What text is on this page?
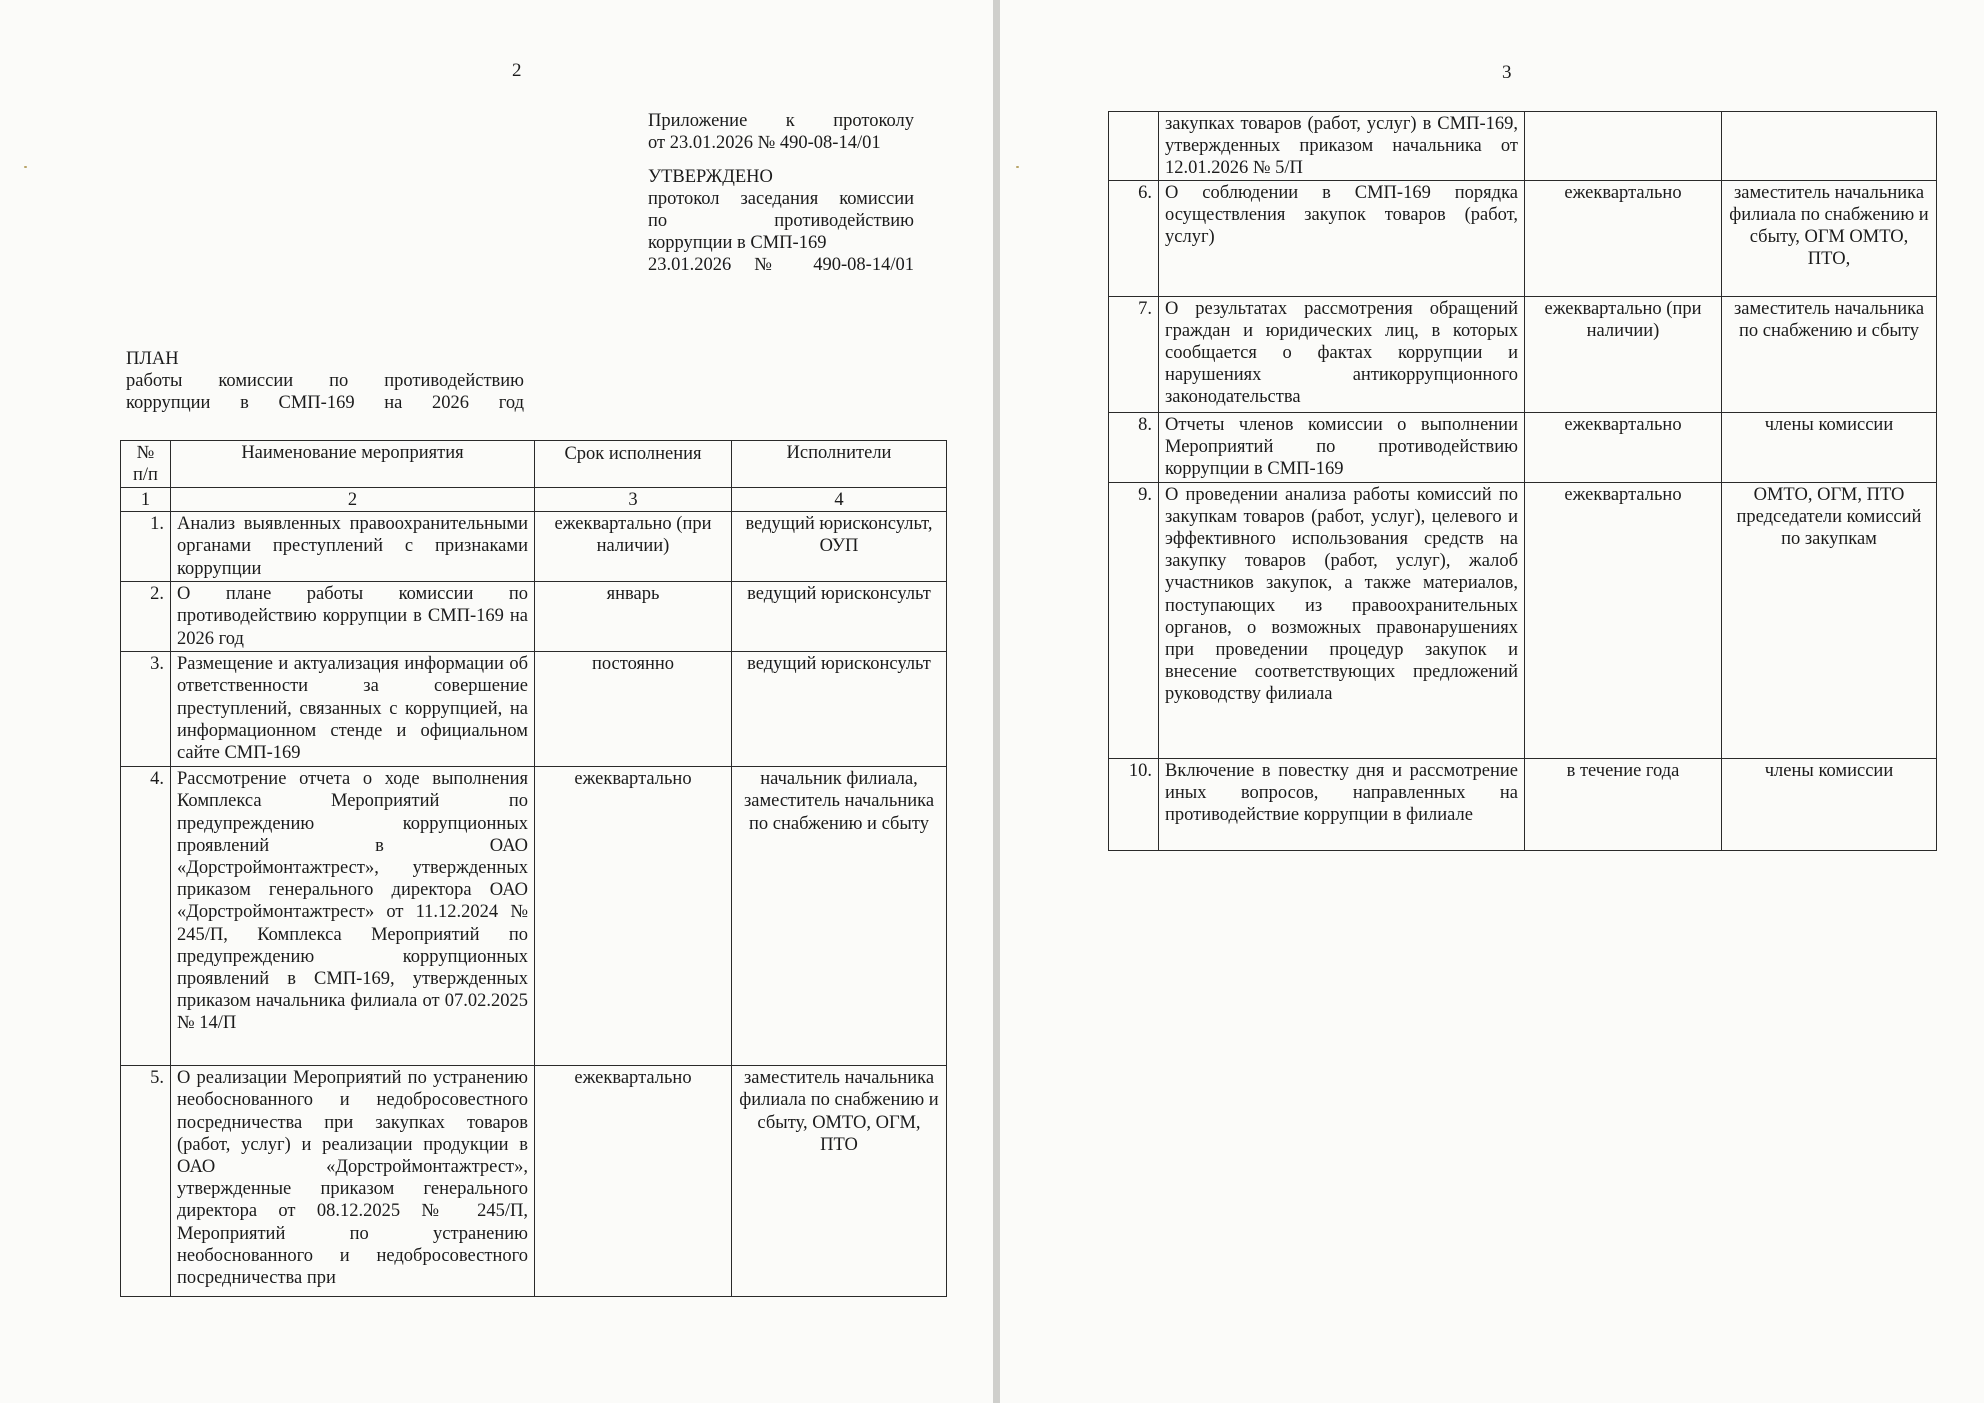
2
Приложение к протоколу
от 23.01.2026 № 490-08-14/01
УТВЕРЖДЕНО
протокол заседания комиссии
по противодействию
коррупции в СМП-169
23.01.2026 № 490-08-14/01
ПЛАН
работы комиссии по противодействию
коррупции в СМП-169 на 2026 год
№ п/п	Наименование мероприятия	Срок исполнения	Исполнители
1	2	3	4
1.	Анализ выявленных правоохранительными органами преступлений с признаками коррупции	ежеквартально (при наличии)	ведущий юрисконсульт, ОУП
2.	О плане работы комиссии по противодействию коррупции в СМП-169 на 2026 год	январь	ведущий юрисконсульт
3.	Размещение и актуализация информации об ответственности за совершение преступлений, связанных с коррупцией, на информационном стенде и официальном сайте СМП-169	постоянно	ведущий юрисконсульт
4.	Рассмотрение отчета о ходе выполнения Комплекса Мероприятий по предупреждению коррупционных проявлений в ОАО «Дорстроймонтажтрест», утвержденных приказом генерального директора ОАО «Дорстроймонтажтрест» от 11.12.2024 № 245/П, Комплекса Мероприятий по предупреждению коррупционных проявлений в СМП-169, утвержденных приказом начальника филиала от 07.02.2025 № 14/П	ежеквартально	начальник филиала, заместитель начальника по снабжению и сбыту
5.	О реализации Мероприятий по устранению необоснованного и недобросовестного посредничества при закупках товаров (работ, услуг) и реализации продукции в ОАО «Дорстроймонтажтрест», утвержденные приказом генерального директора от 08.12.2025 № 245/П, Мероприятий по устранению необоснованного и недобросовестного посредничества при	ежеквартально	заместитель начальника филиала по снабжению и сбыту, ОМТО, ОГМ, ПТО
3
	закупках товаров (работ, услуг) в СМП-169, утвержденных приказом начальника от 12.01.2026 № 5/П		
6.	О соблюдении в СМП-169 порядка осуществления закупок товаров (работ, услуг)	ежеквартально	заместитель начальника филиала по снабжению и сбыту, ОГМ ОМТО, ПТО,
7.	О результатах рассмотрения обращений граждан и юридических лиц, в которых сообщается о фактах коррупции и нарушениях антикоррупционного законодательства	ежеквартально (при наличии)	заместитель начальника по снабжению и сбыту
8.	Отчеты членов комиссии о выполнении Мероприятий по противодействию коррупции в СМП-169	ежеквартально	члены комиссии
9.	О проведении анализа работы комиссий по закупкам товаров (работ, услуг), целевого и эффективного использования средств на закупку товаров (работ, услуг), жалоб участников закупок, а также материалов, поступающих из правоохранительных органов, о возможных правонарушениях при проведении процедур закупок и внесение соответствующих предложений руководству филиала	ежеквартально	ОМТО, ОГМ, ПТО председатели комиссий по закупкам
10.	Включение в повестку дня и рассмотрение иных вопросов, направленных на противодействие коррупции в филиале	в течение года	члены комиссии
